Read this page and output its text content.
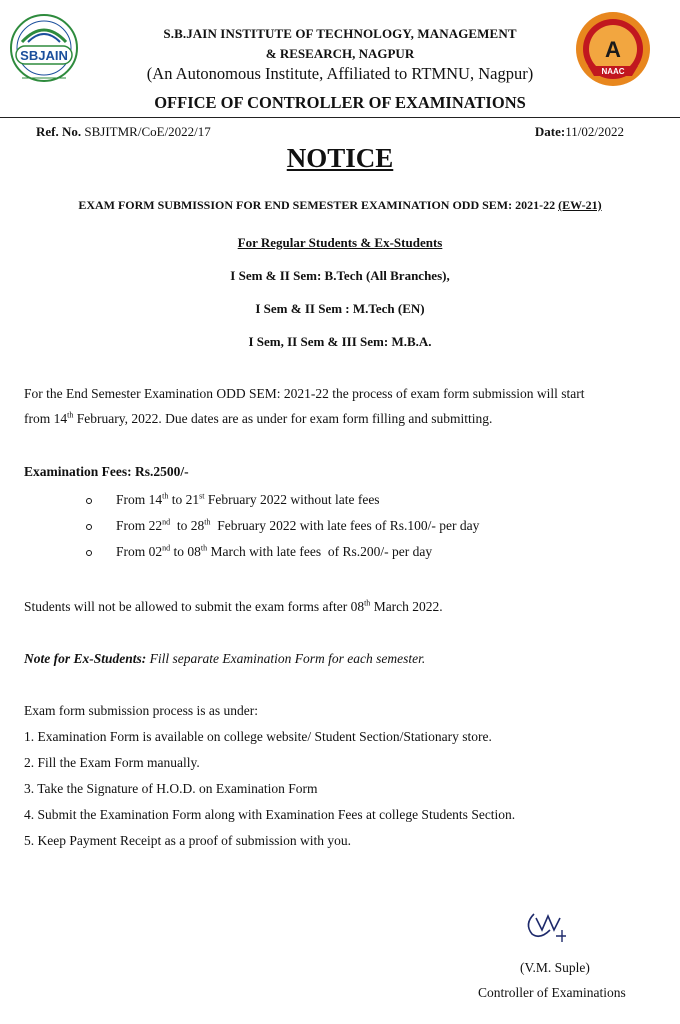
SBJAIN	A
NAAC
S.B.JAIN INSTITUTE OF TECHNOLOGY, MANAGEMENT
& RESEARCH, NAGPUR
(An Autonomous Institute, Affiliated to RTMNU, Nagpur)
OFFICE OF CONTROLLER OF EXAMINATIONS
Ref. No. SBJITMR/CoE/2022/17	Date:11/02/2022
NOTICE
EXAM FORM SUBMISSION FOR END SEMESTER EXAMINATION ODD SEM: 2021-22 (EW-21)
For Regular Students & Ex-Students
I Sem & II Sem: B.Tech (All Branches),
I Sem & II Sem : M.Tech (EN)
I Sem, II Sem & III Sem: M.B.A.
For the End Semester Examination ODD SEM: 2021-22 the process of exam form submission will start
from 14th February, 2022. Due dates are as under for exam form filling and submitting.
Examination Fees: Rs.2500/-
From 14th to 21st February 2022 without late fees
From 22nd  to 28th  February 2022 with late fees of Rs.100/- per day
From 02nd to 08th March with late fees  of Rs.200/- per day
Students will not be allowed to submit the exam forms after 08th March 2022.
Note for Ex-Students: Fill separate Examination Form for each semester.
Exam form submission process is as under:
1. Examination Form is available on college website/ Student Section/Stationary store.
2. Fill the Exam Form manually.
3. Take the Signature of H.O.D. on Examination Form
4. Submit the Examination Form along with Examination Fees at college Students Section.
5. Keep Payment Receipt as a proof of submission with you.
(V.M. Suple)
Controller of Examinations
